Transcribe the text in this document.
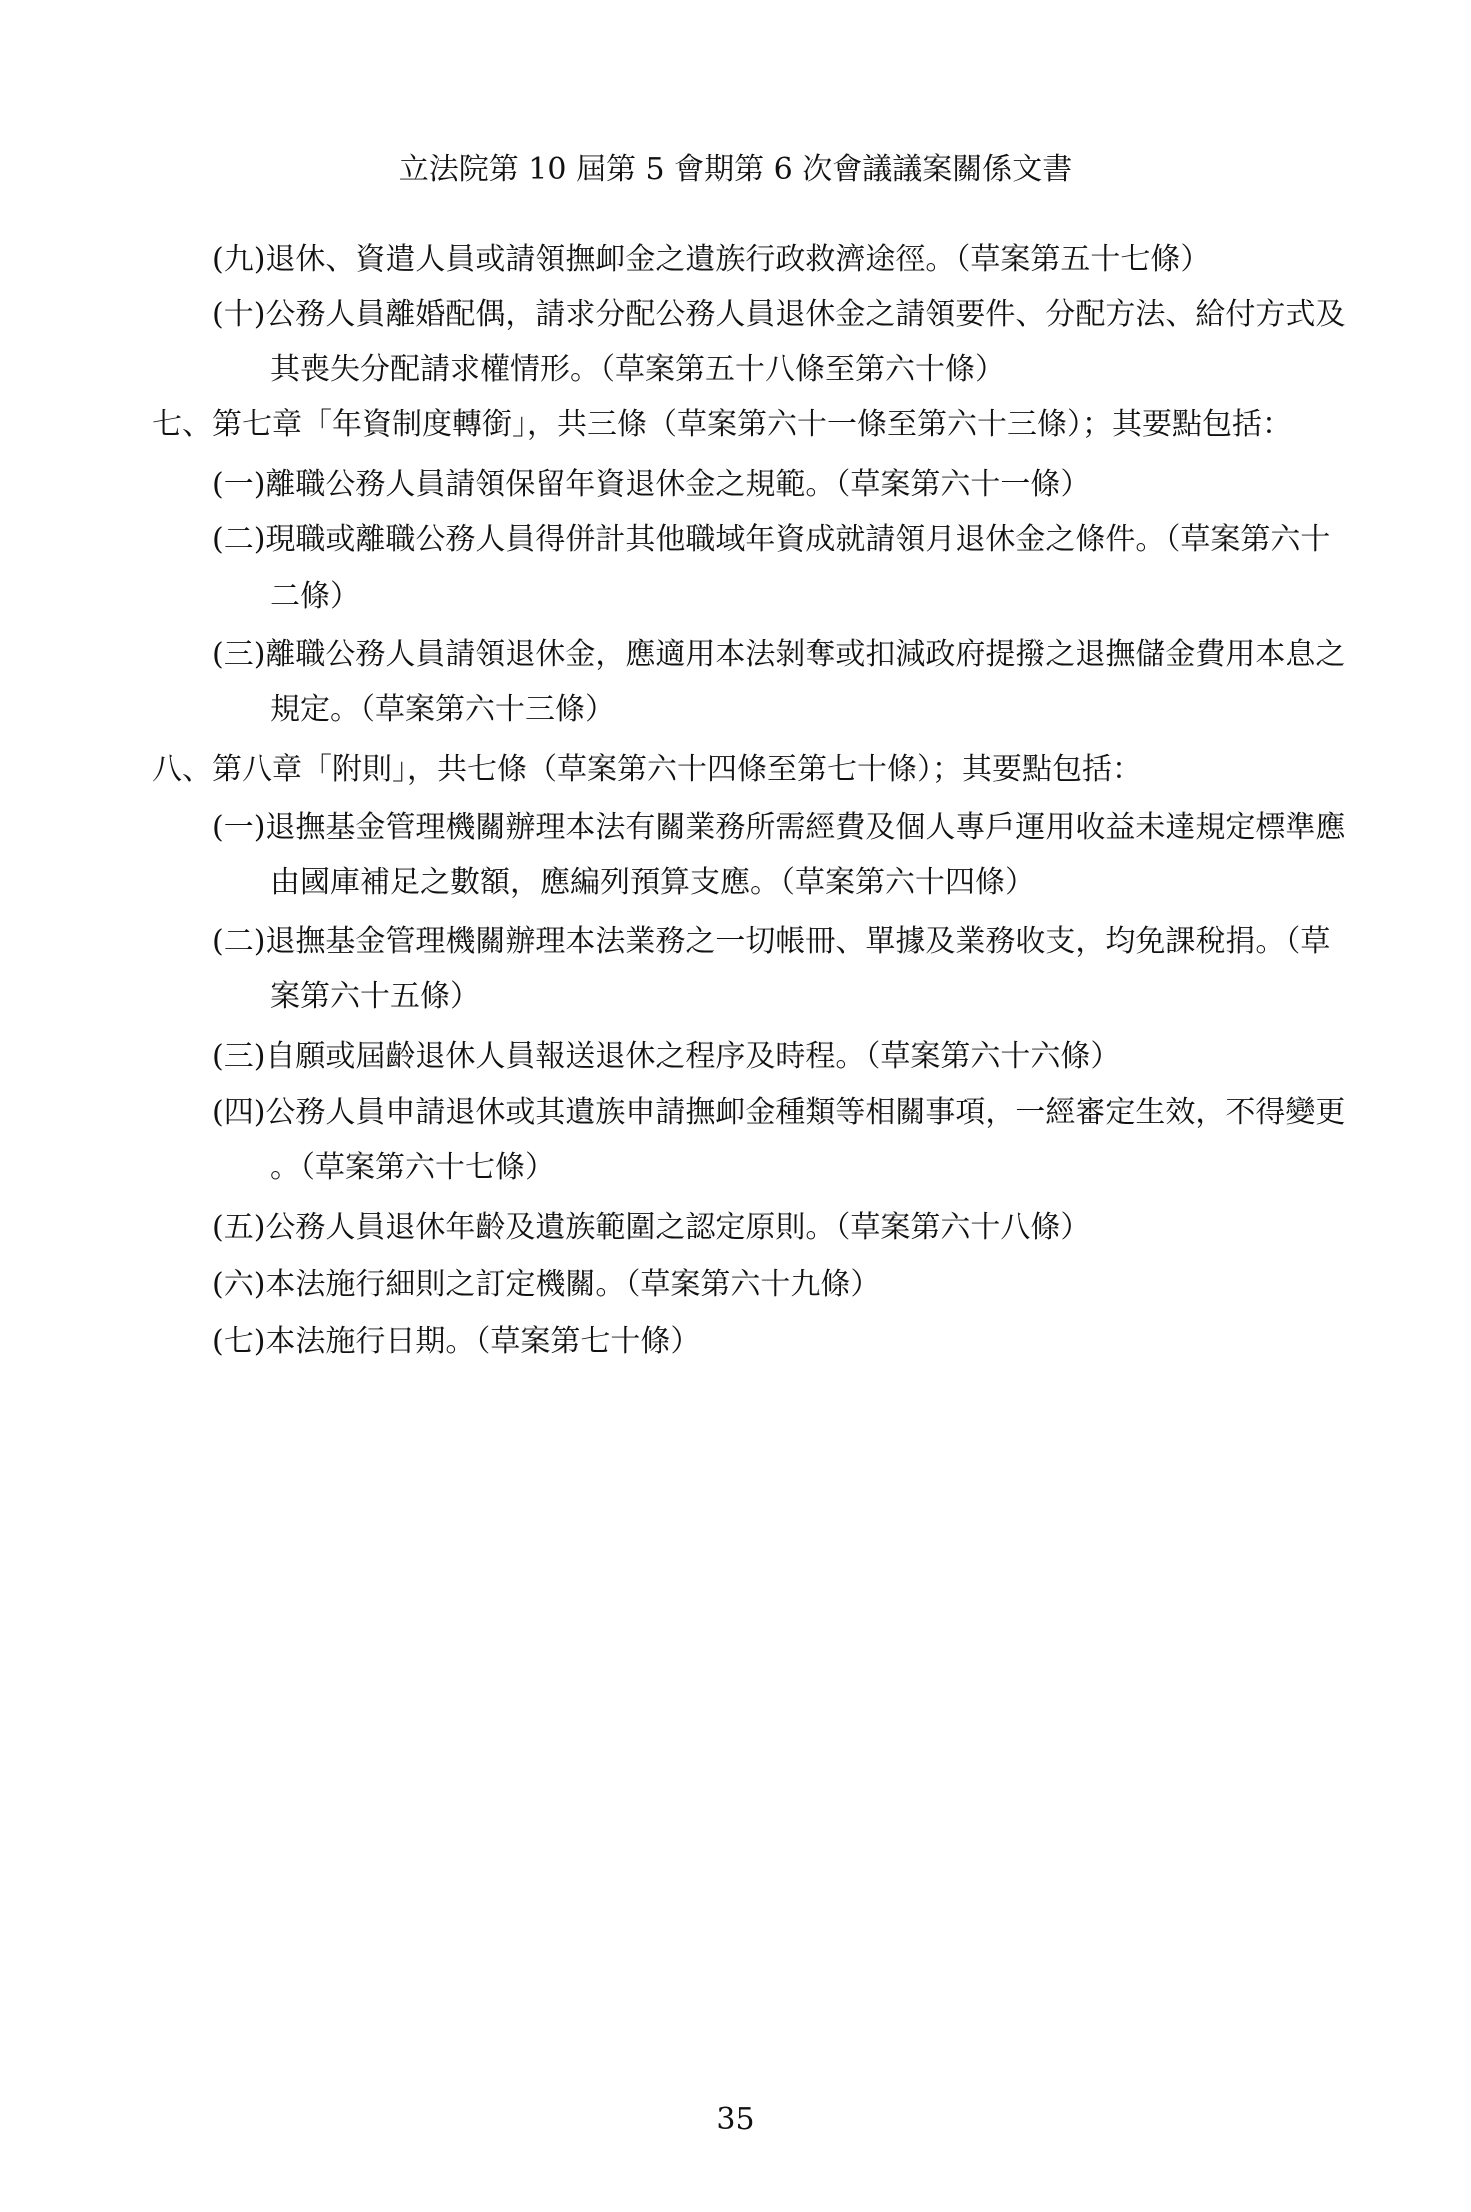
立法院第 10 屆第 5 會期第 6 次會議議案關係文書
(九)退休、資遣人員或請領撫卹金之遺族行政救濟途徑。（草案第五十七條）
(十)公務人員離婚配偶，請求分配公務人員退休金之請領要件、分配方法、給付方式及
其喪失分配請求權情形。（草案第五十八條至第六十條）
七、第七章「年資制度轉銜」，共三條（草案第六十一條至第六十三條）；其要點包括：
(一)離職公務人員請領保留年資退休金之規範。（草案第六十一條）
(二)現職或離職公務人員得併計其他職域年資成就請領月退休金之條件。（草案第六十
二條）
(三)離職公務人員請領退休金，應適用本法剝奪或扣減政府提撥之退撫儲金費用本息之
規定。（草案第六十三條）
八、第八章「附則」，共七條（草案第六十四條至第七十條）；其要點包括：
(一)退撫基金管理機關辦理本法有關業務所需經費及個人專戶運用收益未達規定標準應
由國庫補足之數額，應編列預算支應。（草案第六十四條）
(二)退撫基金管理機關辦理本法業務之一切帳冊、單據及業務收支，均免課稅捐。（草
案第六十五條）
(三)自願或屆齡退休人員報送退休之程序及時程。（草案第六十六條）
(四)公務人員申請退休或其遺族申請撫卹金種類等相關事項，一經審定生效，不得變更
。（草案第六十七條）
(五)公務人員退休年齡及遺族範圍之認定原則。（草案第六十八條）
(六)本法施行細則之訂定機關。（草案第六十九條）
(七)本法施行日期。（草案第七十條）
35
